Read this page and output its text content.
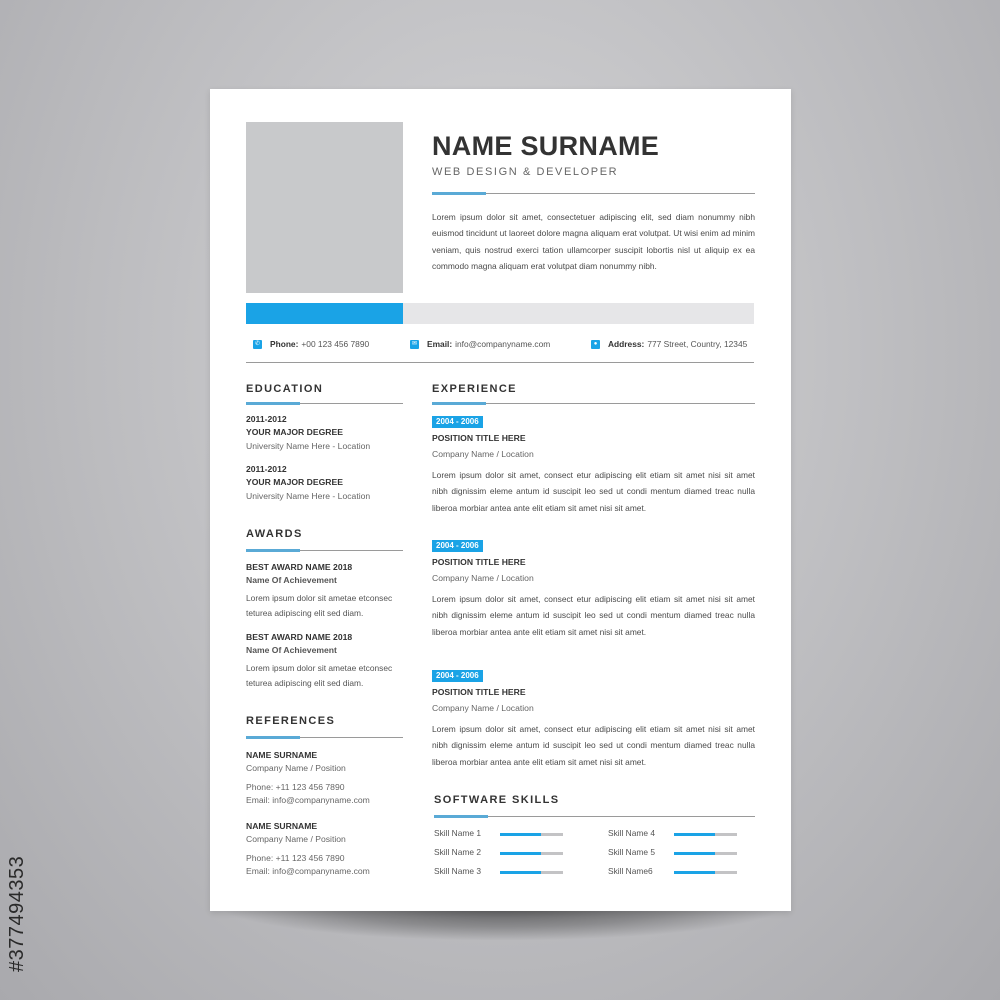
#377494353
NAME SURNAME
WEB DESIGN & DEVELOPER
Lorem ipsum dolor sit amet, consectetuer adipiscing elit, sed diam nonummy nibh euismod tincidunt ut laoreet dolore magna aliquam erat volutpat. Ut wisi enim ad minim veniam, quis nostrud exerci tation ullamcorper suscipit lobortis nisl ut aliquip ex ea commodo magna aliquam erat volutpat diam nonummy nibh.
✆ Phone: +00 123 456 7890	✉ Email: info@companyname.com	●	Address: 777 Street, Country, 12345
EDUCATION
2011-2012
YOUR MAJOR DEGREE
University Name Here - Location
2011-2012
YOUR MAJOR DEGREE
University Name Here - Location
AWARDS
BEST AWARD NAME 2018
Name Of Achievement
Lorem ipsum dolor sit ametae etconsec teturea adipiscing elit sed diam.
BEST AWARD NAME 2018
Name Of Achievement
Lorem ipsum dolor sit ametae etconsec teturea adipiscing elit sed diam.
REFERENCES
NAME SURNAME
Company Name / Position
Phone: +11 123 456 7890
Email: info@companyname.com
NAME SURNAME
Company Name / Position
Phone: +11 123 456 7890
Email: info@companyname.com
EXPERIENCE
2004 - 2006
POSITION TITLE HERE
Company Name / Location
Lorem ipsum dolor sit amet, consect etur adipiscing elit etiam sit amet nisi sit amet nibh dignissim eleme antum id suscipit leo sed ut condi mentum diamed treac nulla liberoa morbiar antea ante elit etiam sit amet nisi sit amet.
2004 - 2006
POSITION TITLE HERE
Company Name / Location
Lorem ipsum dolor sit amet, consect etur adipiscing elit etiam sit amet nisi sit amet nibh dignissim eleme antum id suscipit leo sed ut condi mentum diamed treac nulla liberoa morbiar antea ante elit etiam sit amet nisi sit amet.
2004 - 2006
POSITION TITLE HERE
Company Name / Location
Lorem ipsum dolor sit amet, consect etur adipiscing elit etiam sit amet nisi sit amet nibh dignissim eleme antum id suscipit leo sed ut condi mentum diamed treac nulla liberoa morbiar antea ante elit etiam sit amet nisi sit amet.
SOFTWARE SKILLS
Skill Name 1
Skill Name 2
Skill Name 3
Skill Name 4
Skill Name 5
Skill Name6
